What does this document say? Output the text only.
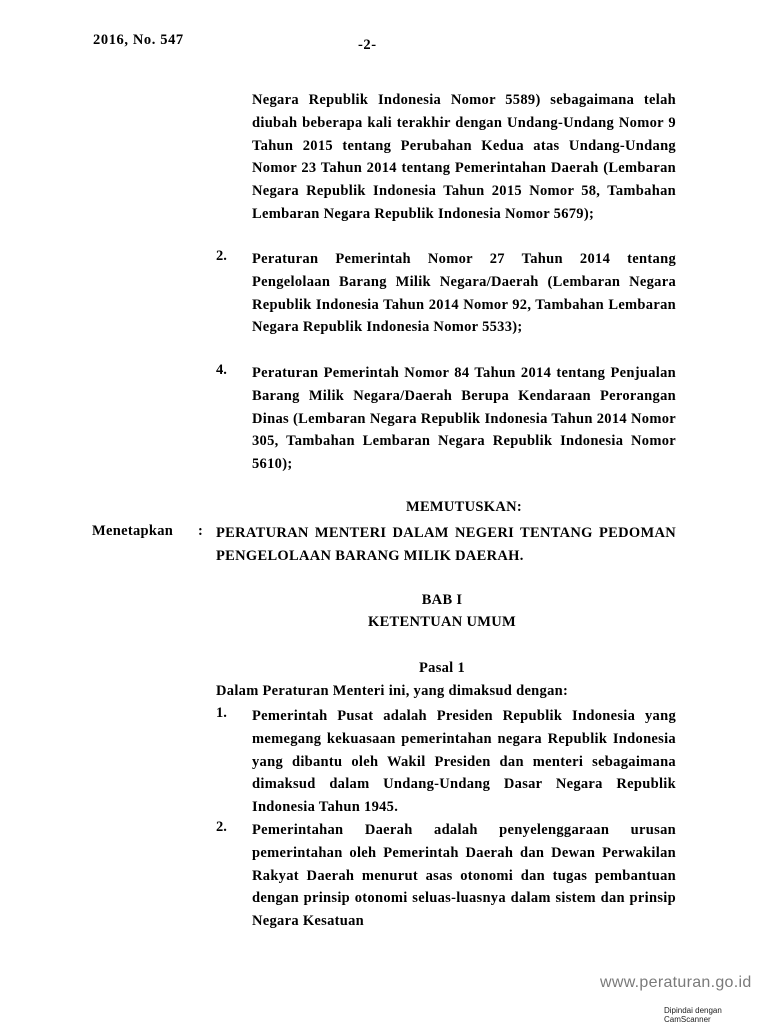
2016, No. 547	-2-
Negara Republik Indonesia Nomor 5589) sebagaimana telah diubah beberapa kali terakhir dengan Undang-Undang Nomor 9 Tahun 2015 tentang Perubahan Kedua atas Undang-Undang Nomor 23 Tahun 2014 tentang Pemerintahan Daerah (Lembaran Negara Republik Indonesia Tahun 2015 Nomor 58, Tambahan Lembaran Negara Republik Indonesia Nomor 5679);
2. Peraturan Pemerintah Nomor 27 Tahun 2014 tentang Pengelolaan Barang Milik Negara/Daerah (Lembaran Negara Republik Indonesia Tahun 2014 Nomor 92, Tambahan Lembaran Negara Republik Indonesia Nomor 5533);
4. Peraturan Pemerintah Nomor 84 Tahun 2014 tentang Penjualan Barang Milik Negara/Daerah Berupa Kendaraan Perorangan Dinas (Lembaran Negara Republik Indonesia Tahun 2014 Nomor 305, Tambahan Lembaran Negara Republik Indonesia Nomor 5610);
MEMUTUSKAN:
Menetapkan : PERATURAN MENTERI DALAM NEGERI TENTANG PEDOMAN PENGELOLAAN BARANG MILIK DAERAH.
BAB I
KETENTUAN UMUM
Pasal 1
Dalam Peraturan Menteri ini, yang dimaksud dengan:
1. Pemerintah Pusat adalah Presiden Republik Indonesia yang memegang kekuasaan pemerintahan negara Republik Indonesia yang dibantu oleh Wakil Presiden dan menteri sebagaimana dimaksud dalam Undang-Undang Dasar Negara Republik Indonesia Tahun 1945.
2. Pemerintahan Daerah adalah penyelenggaraan urusan pemerintahan oleh Pemerintah Daerah dan Dewan Perwakilan Rakyat Daerah menurut asas otonomi dan tugas pembantuan dengan prinsip otonomi seluas-luasnya dalam sistem dan prinsip Negara Kesatuan
www.peraturan.go.id
Dipindai dengan CamScanner
